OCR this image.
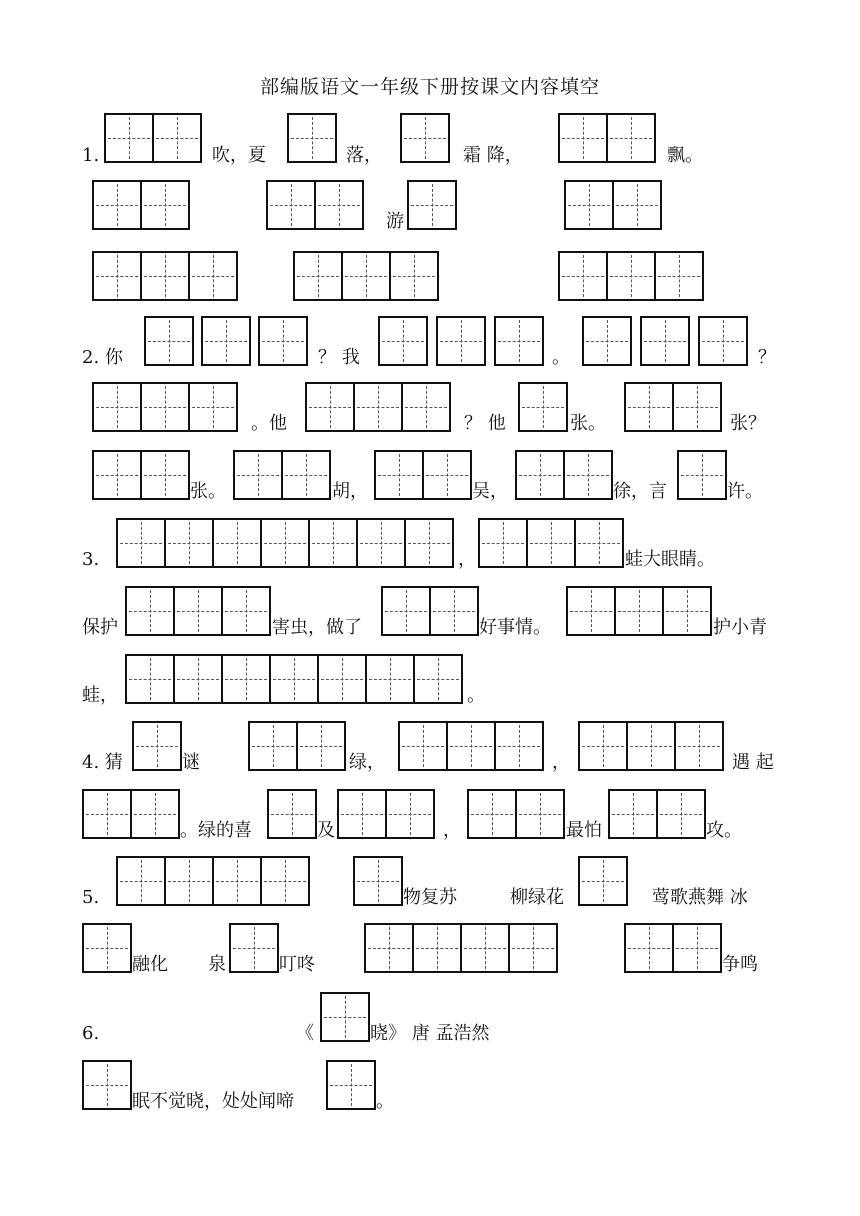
部编版语文一年级下册按课文内容填空
1.	吹，夏	落，	霜 降，	飘。
游
2. 你	？ 我	。	？
。他	？ 他	张。	张？
张。	胡，	吴，	徐，言	许。
3.	，	蛙大眼睛。
保护	害虫，做了	好事情。	护小青
蛙，	。
4. 猜	谜	绿，	，	遇 起
。绿的喜	及	，	最怕	攻。
5.	物复苏	柳绿花	莺歌燕舞 冰
融化 泉	叮咚	争鸣
6.	《	晓》 唐 孟浩然
眠不觉晓，处处闻啼	。
